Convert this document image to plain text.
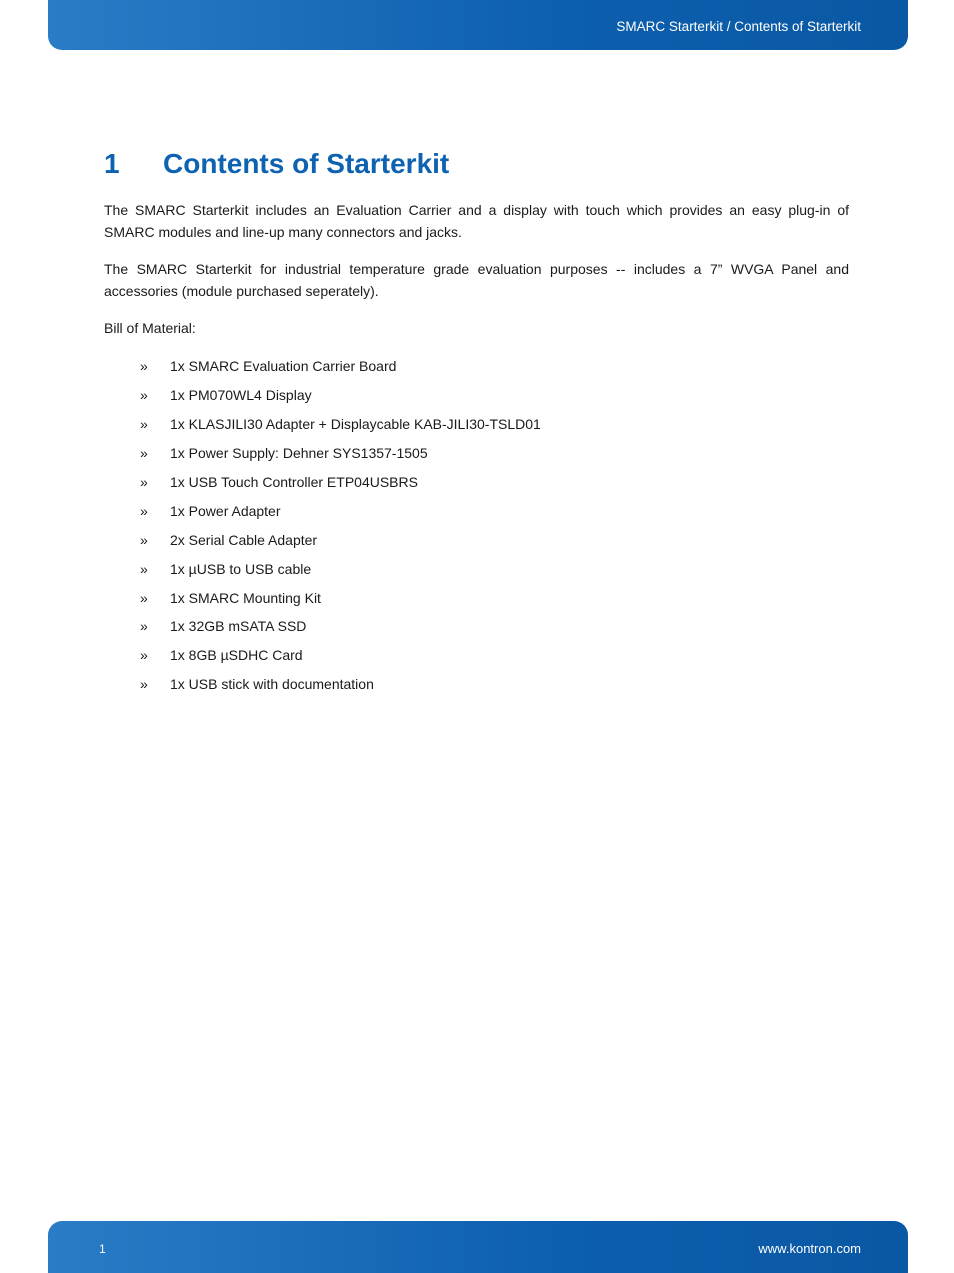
SMARC Starterkit / Contents of Starterkit
1 Contents of Starterkit

The SMARC Starterkit includes an Evaluation Carrier and a display with touch which provides an easy plug-in of SMARC modules and line-up many connectors and jacks.

The SMARC Starterkit for industrial temperature grade evaluation purposes -- includes a 7” WVGA Panel and accessories (module purchased seperately).

Bill of Material:
»	1x SMARC Evaluation Carrier Board
»	1x PM070WL4 Display
»	1x KLASJILI30 Adapter + Displaycable KAB-JILI30-TSLD01
»	1x Power Supply: Dehner SYS1357-1505
»	1x USB Touch Controller ETP04USBRS
»	1x Power Adapter
»	2x Serial Cable Adapter
»	1x µUSB to USB cable
»	1x SMARC Mounting Kit
»	1x 32GB mSATA SSD
»	1x 8GB µSDHC Card
»	1x USB stick with documentation
1	www.kontron.com
